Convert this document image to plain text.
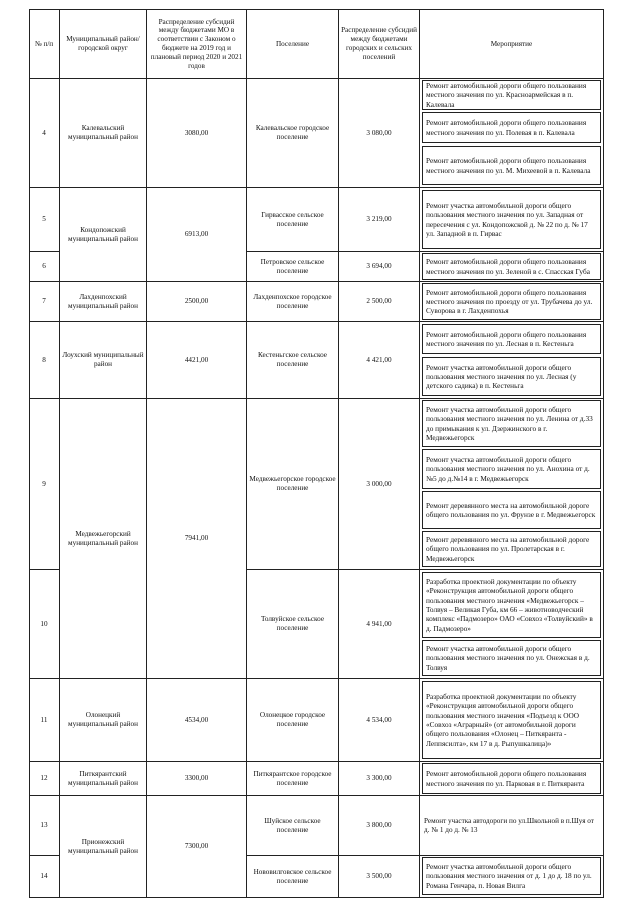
№ п/п
Муниципальный район/городской округ
Распределение субсидий между бюджетами МО в соответствии с Законом о бюджете на 2019 год и плановый период 2020 и 2021 годов
Поселение
Распределение субсидий между бюджетами городских и сельских поселений
Мероприятие
4
Калевальский муниципальный район
3080,00
Калевальское городское поселение
3 080,00
Ремонт автомобильной дороги общего пользования местного значения по ул. Красноармейская в п. Калевала
Ремонт автомобильной дороги общего пользования местного значения по ул. Полевая в п. Калевала
Ремонт автомобильной дороги общего пользования местного значения по ул. М. Михеевой в п. Калевала
5
Кондопожский муниципальный район
6913,00
Гирвасское сельское поселение
3 219,00
Ремонт участка автомобильной дороги общего пользования местного значения по ул. Западная от пересечения с ул. Кондопожской д. № 22 по д. № 17 ул. Западной в п. Гирвас
6
Петровское сельское поселение
3 694,00	Ремонт автомобильной дороги общего пользования местного значения по ул. Зеленой в с. Спасская Губа
7
Лахденпохский муниципальный район
2500,00
Лахденпохское городское поселение
2 500,00
Ремонт автомобильной дороги общего пользования местного значения по проезду от ул. Трубачева до ул. Суворова в г. Лахденпохья
8
Лоухский муниципальный район
4421,00
Кестеньгское сельское поселение
4 421,00
Ремонт автомобильной дороги общего пользования местного значения по ул. Лесная в п. Кестеньга
Ремонт участка автомобильной дороги общего пользования местного значения по ул. Лесная (у детского садика) в п. Кестеньга
9
Медвежьегорский муниципальный район
7941,00
Медвежьегорское городское поселение
3 000,00
Ремонт участка автомобильной дороги общего пользования местного значения по ул. Ленина от д.33 до примыкания к ул. Дзержинского в г. Медвежьегорск
Ремонт участка автомобильной дороги общего пользования местного значения по ул. Анохина от д.№5 до д.№14 в г. Медвежьегорск
Ремонт деревянного места на автомобильной дороге общего пользования по ул. Фрунзе в г. Медвежьегорск
Ремонт деревянного места на автомобильной дороге общего пользования по ул. Пролетарская в г. Медвежьегорск
10
Толвуйское сельское поселение
4 941,00
Разработка проектной документации по объекту «Реконструкция автомобильной дороги общего пользования местного значения «Медвежьегорск – Толвуя – Великая Губа, км 66 – животноводческий комплекс «Падмозеро» ОАО «Совхоз «Толвуйский» в д. Падмозеро»
Ремонт участка автомобильной дороги общего пользования местного значения по ул. Онежская в д. Толвуя
11
Олонецкий муниципальный район
4534,00
Олонецкое городское поселение
4 534,00
Разработка проектной документации по объекту «Реконструкция автомобильной дороги общего пользования местного значения «Подъезд к ООО «Совхоз «Аграрный» (от автомобильной дороги общего пользования «Олонец – Питкяранта - Леппясилта», км 17 в д. Рыпушкалица)»
12
Питкярантский муниципальный район
3300,00
Питкярантское городское поселение
3 300,00	Ремонт автомобильной дороги общего пользования местного значения по ул. Парковая в г. Питкяранта
13
Прионежский муниципальный район
7300,00
Шуйское сельское поселение
3 800,00
Ремонт участка автодороги по ул.Школьной в п.Шуя от д. № 1 до д. № 13
14
Нововилговское сельское поселение
3 500,00
Ремонт участка автомобильной дороги общего пользования местного значения от д. 1 до д. 18 по ул. Романа Генчара, п. Новая Вилга
